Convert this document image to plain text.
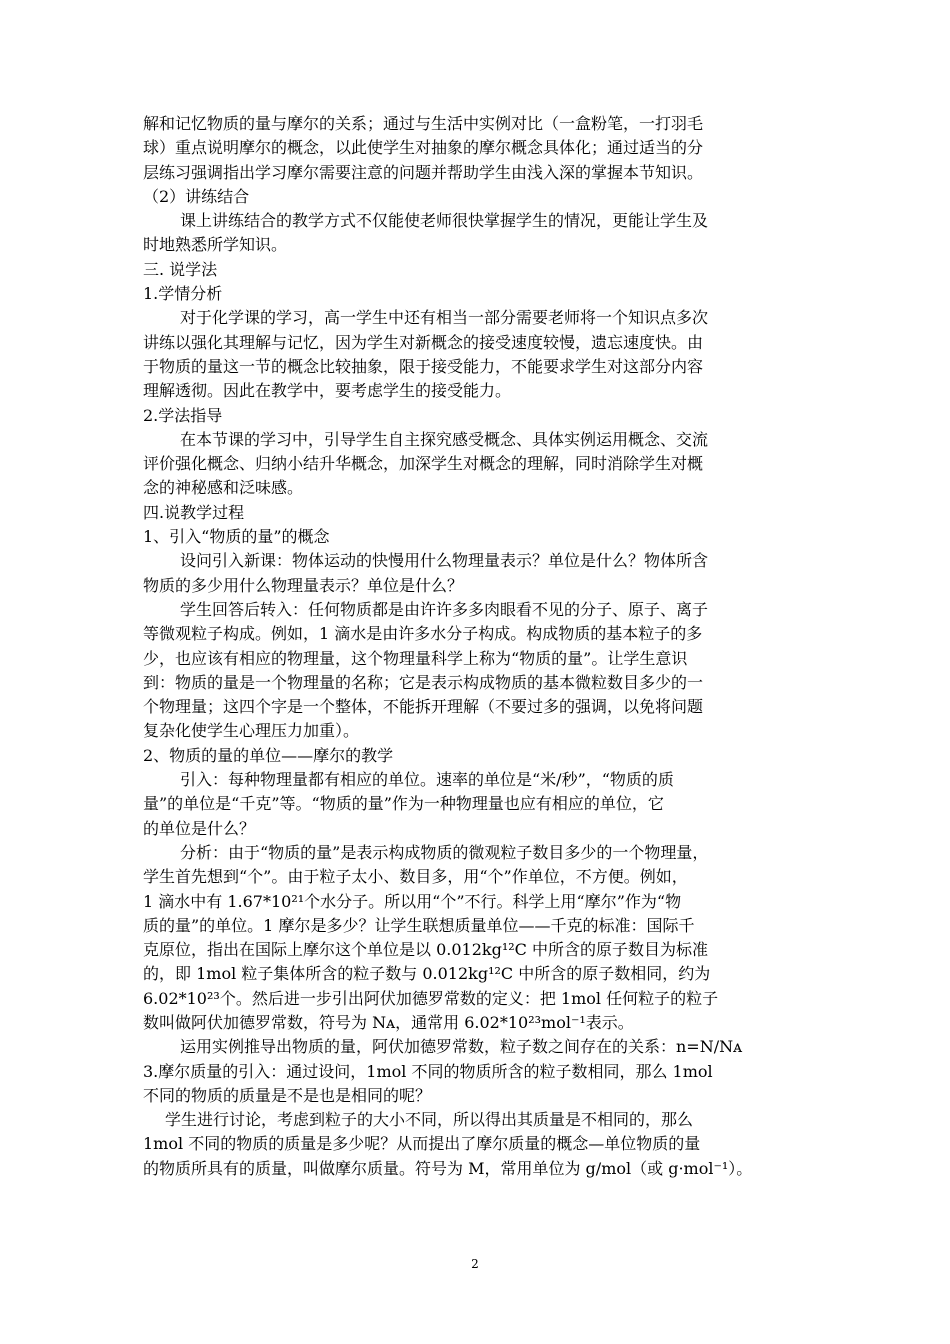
解和记忆物质的量与摩尔的关系；通过与生活中实例对比（一盒粉笔，一打羽毛
球）重点说明摩尔的概念，以此使学生对抽象的摩尔概念具体化；通过适当的分
层练习强调指出学习摩尔需要注意的问题并帮助学生由浅入深的掌握本节知识。
（2）讲练结合
课上讲练结合的教学方式不仅能使老师很快掌握学生的情况，更能让学生及
时地熟悉所学知识。
三. 说学法
1.学情分析
对于化学课的学习，高一学生中还有相当一部分需要老师将一个知识点多次
讲练以强化其理解与记忆，因为学生对新概念的接受速度较慢，遗忘速度快。由
于物质的量这一节的概念比较抽象，限于接受能力，不能要求学生对这部分内容
理解透彻。因此在教学中，要考虑学生的接受能力。
2.学法指导
在本节课的学习中，引导学生自主探究感受概念、具体实例运用概念、交流
评价强化概念、归纳小结升华概念，加深学生对概念的理解，同时消除学生对概
念的神秘感和泛味感。
四.说教学过程
1、引入“物质的量”的概念
设问引入新课：物体运动的快慢用什么物理量表示？单位是什么？物体所含
物质的多少用什么物理量表示？单位是什么？
学生回答后转入：任何物质都是由许许多多肉眼看不见的分子、原子、离子
等微观粒子构成。例如，1 滴水是由许多水分子构成。构成物质的基本粒子的多
少，也应该有相应的物理量，这个物理量科学上称为“物质的量”。让学生意识
到：物质的量是一个物理量的名称；它是表示构成物质的基本微粒数目多少的一
个物理量；这四个字是一个整体，不能拆开理解（不要过多的强调，以免将问题
复杂化使学生心理压力加重）。
2、物质的量的单位——摩尔的教学
引入：每种物理量都有相应的单位。速率的单位是“米/秒”，“物质的质
量”的单位是“千克”等。“物质的量”作为一种物理量也应有相应的单位，它
的单位是什么？
分析：由于“物质的量”是表示构成物质的微观粒子数目多少的一个物理量，
学生首先想到“个”。由于粒子太小、数目多，用“个”作单位，不方便。例如，
1 滴水中有 1.67*10²¹个水分子。所以用“个”不行。科学上用“摩尔”作为“物
质的量”的单位。1 摩尔是多少？让学生联想质量单位——千克的标准：国际千
克原位，指出在国际上摩尔这个单位是以 0.012kg¹²C 中所含的原子数目为标准
的，即 1mol 粒子集体所含的粒子数与 0.012kg¹²C 中所含的原子数相同，约为
6.02*10²³个。然后进一步引出阿伏加德罗常数的定义：把 1mol 任何粒子的粒子
数叫做阿伏加德罗常数，符号为 Nᴀ，通常用 6.02*10²³mol⁻¹表示。
运用实例推导出物质的量，阿伏加德罗常数，粒子数之间存在的关系：n=N/Nᴀ
3.摩尔质量的引入：通过设问，1mol 不同的物质所含的粒子数相同，那么 1mol
不同的物质的质量是不是也是相同的呢？
学生进行讨论，考虑到粒子的大小不同，所以得出其质量是不相同的，那么
1mol 不同的物质的质量是多少呢？从而提出了摩尔质量的概念—单位物质的量
的物质所具有的质量，叫做摩尔质量。符号为 M，常用单位为 g/mol（或 g·mol⁻¹）。
2
